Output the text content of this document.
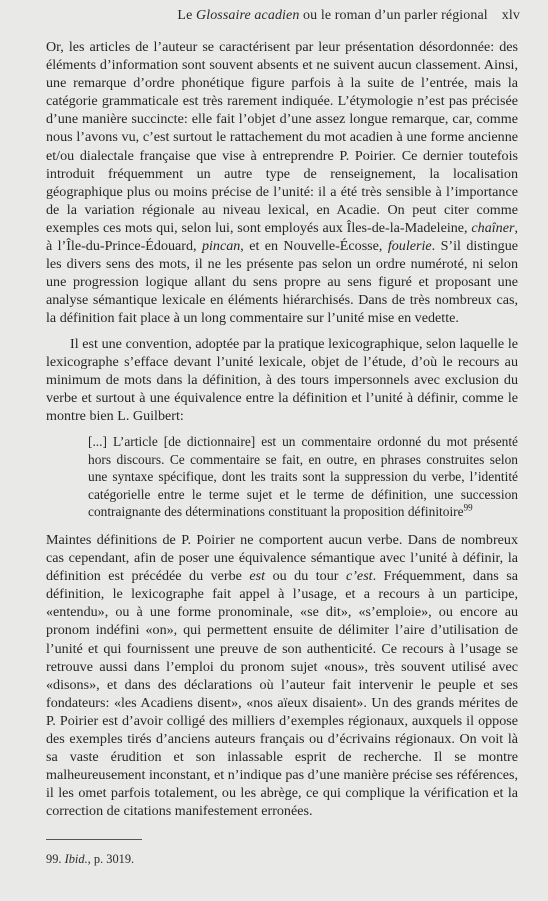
Le Glossaire acadien ou le roman d’un parler régional xlv

Or, les articles de l’auteur se caractérisent par leur présentation désordonnée: des éléments d’information sont souvent absents et ne suivent aucun classement. Ainsi, une remarque d’ordre phonétique figure parfois à la suite de l’entrée, mais la catégorie grammaticale est très rarement indiquée. L’étymologie n’est pas précisée d’une manière succincte: elle fait l’objet d’une assez longue remarque, car, comme nous l’avons vu, c’est surtout le rattachement du mot acadien à une forme ancienne et/ou dialectale française que vise à entreprendre P. Poirier. Ce dernier toutefois introduit fréquemment un autre type de renseignement, la localisation géographique plus ou moins précise de l’unité: il a été très sensible à l’importance de la variation régionale au niveau lexical, en Acadie. On peut citer comme exemples ces mots qui, selon lui, sont employés aux Îles-de-la-Madeleine, chaîner, à l’Île-du-Prince-Édouard, pincan, et en Nouvelle-Écosse, foulerie. S’il distingue les divers sens des mots, il ne les présente pas selon un ordre numéroté, ni selon une progression logique allant du sens propre au sens figuré et proposant une analyse sémantique lexicale en éléments hiérarchisés. Dans de très nombreux cas, la définition fait place à un long commentaire sur l’unité mise en vedette.

Il est une convention, adoptée par la pratique lexicographique, selon laquelle le lexicographe s’efface devant l’unité lexicale, objet de l’étude, d’où le recours au minimum de mots dans la définition, à des tours impersonnels avec exclusion du verbe et surtout à une équivalence entre la définition et l’unité à définir, comme le montre bien L. Guilbert:

[...] L’article [de dictionnaire] est un commentaire ordonné du mot présenté hors discours. Ce commentaire se fait, en outre, en phrases construites selon une syntaxe spécifique, dont les traits sont la suppression du verbe, l’identité catégorielle entre le terme sujet et le terme de définition, une succession contraignante des déterminations constituant la proposition définitoire$^{99}$

Maintes définitions de P. Poirier ne comportent aucun verbe. Dans de nombreux cas cependant, afin de poser une équivalence sémantique avec l’unité à définir, la définition est précédée du verbe est ou du tour c’est. Fréquemment, dans sa définition, le lexicographe fait appel à l’usage, et a recours à un participe, «entendu», ou à une forme pronominale, «se dit», «s’emploie», ou encore au pronom indéfini «on», qui permettent ensuite de délimiter l’aire d’utilisation de l’unité et qui fournissent une preuve de son authenticité. Ce recours à l’usage se retrouve aussi dans l’emploi du pronom sujet «nous», très souvent utilisé avec «disons», et dans des déclarations où l’auteur fait intervenir le peuple et ses fondateurs: «les Acadiens disent», «nos aïeux disaient». Un des grands mérites de P. Poirier est d’avoir colligé des milliers d’exemples régionaux, auxquels il oppose des exemples tirés d’anciens auteurs français ou d’écrivains régionaux. On voit là sa vaste érudition et son inlassable esprit de recherche. Il se montre malheureusement inconstant, et n’indique pas d’une manière précise ses références, il les omet parfois totalement, ou les abrège, ce qui complique la vérification et la correction de citations manifestement erronées.

99. Ibid., p. 3019.
